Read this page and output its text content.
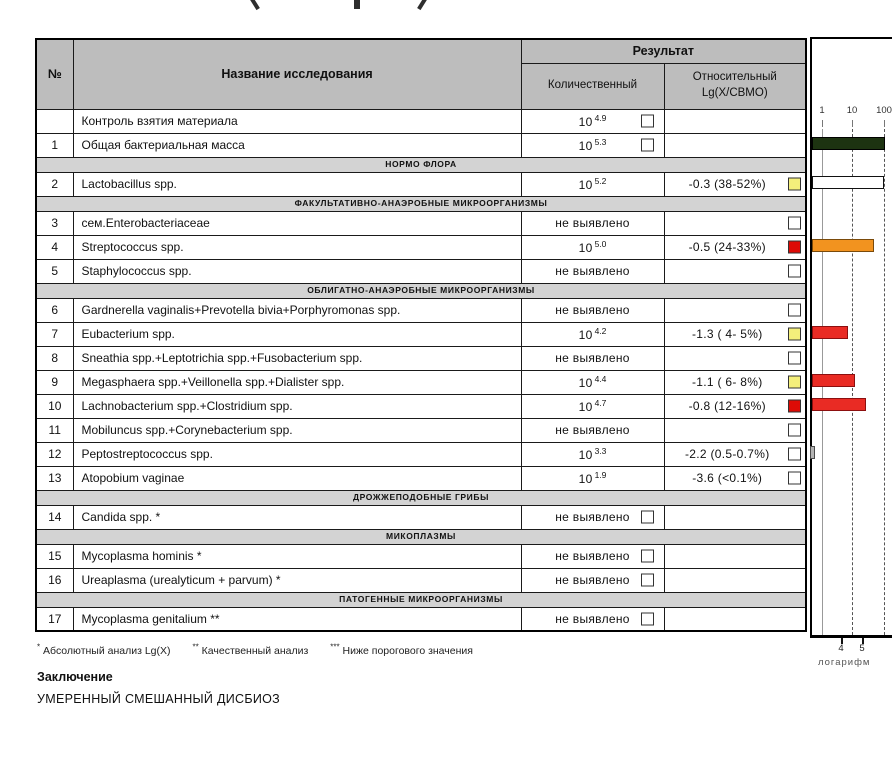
№	Название исследования	Результат	
		Количественный	Относительный
Lg(X/СВМО)
	Контроль взятия материала	10 $^{4.9}$

1	Общая бактериальная масса	10 $^{5.3}$

НОРМО ФЛОРА			
2	Lactobacillus spp.	10 $^{5.2}$	-0.3 (38-52%)

ФАКУЛЬТАТИВНО-АНАЭРОБНЫЕ МИКРООРГАНИЗМЫ			
3	сем.Enterobacteriaceae	не выявлено	

4	Streptococcus spp.	10 $^{5.0}$	-0.5 (24-33%)

5	Staphylococcus spp.	не выявлено	

ОБЛИГАТНО-АНАЭРОБНЫЕ МИКРООРГАНИЗМЫ			
6	Gardnerella vaginalis+Prevotella bivia+Porphyromonas spp.	не выявлено	

7	Eubacterium spp.	10 $^{4.2}$	-1.3 ( 4- 5%)

8	Sneathia spp.+Leptotrichia spp.+Fusobacterium spp.	не выявлено	

9	Megasphaera spp.+Veillonella spp.+Dialister spp.	10 $^{4.4}$	-1.1 ( 6- 8%)

10	Lachnobacterium spp.+Clostridium spp.	10 $^{4.7}$	-0.8 (12-16%)

11	Mobiluncus spp.+Corynebacterium spp.	не выявлено	

12	Peptostreptococcus spp.	10 $^{3.3}$	-2.2 (0.5-0.7%)

13	Atopobium vaginae	10 $^{1.9}$	-3.6 (<0.1%)

ДРОЖЖЕПОДОБНЫЕ ГРИБЫ			
14	Candida spp. *	не выявлено

МИКОПЛАЗМЫ			
15	Mycoplasma hominis *	не выявлено

16	Ureaplasma (urealyticum + parvum) *	не выявлено

ПАТОГЕННЫЕ МИКРООРГАНИЗМЫ			
17	Mycoplasma genitalium **	не выявлено

* Абсолютный анализ Lg(X)	** Качественный анализ	*** Ниже порогового значения
Заключение
УМЕРЕННЫЙ СМЕШАННЫЙ ДИСБИОЗ
1	10	100
4	5
логарифм
